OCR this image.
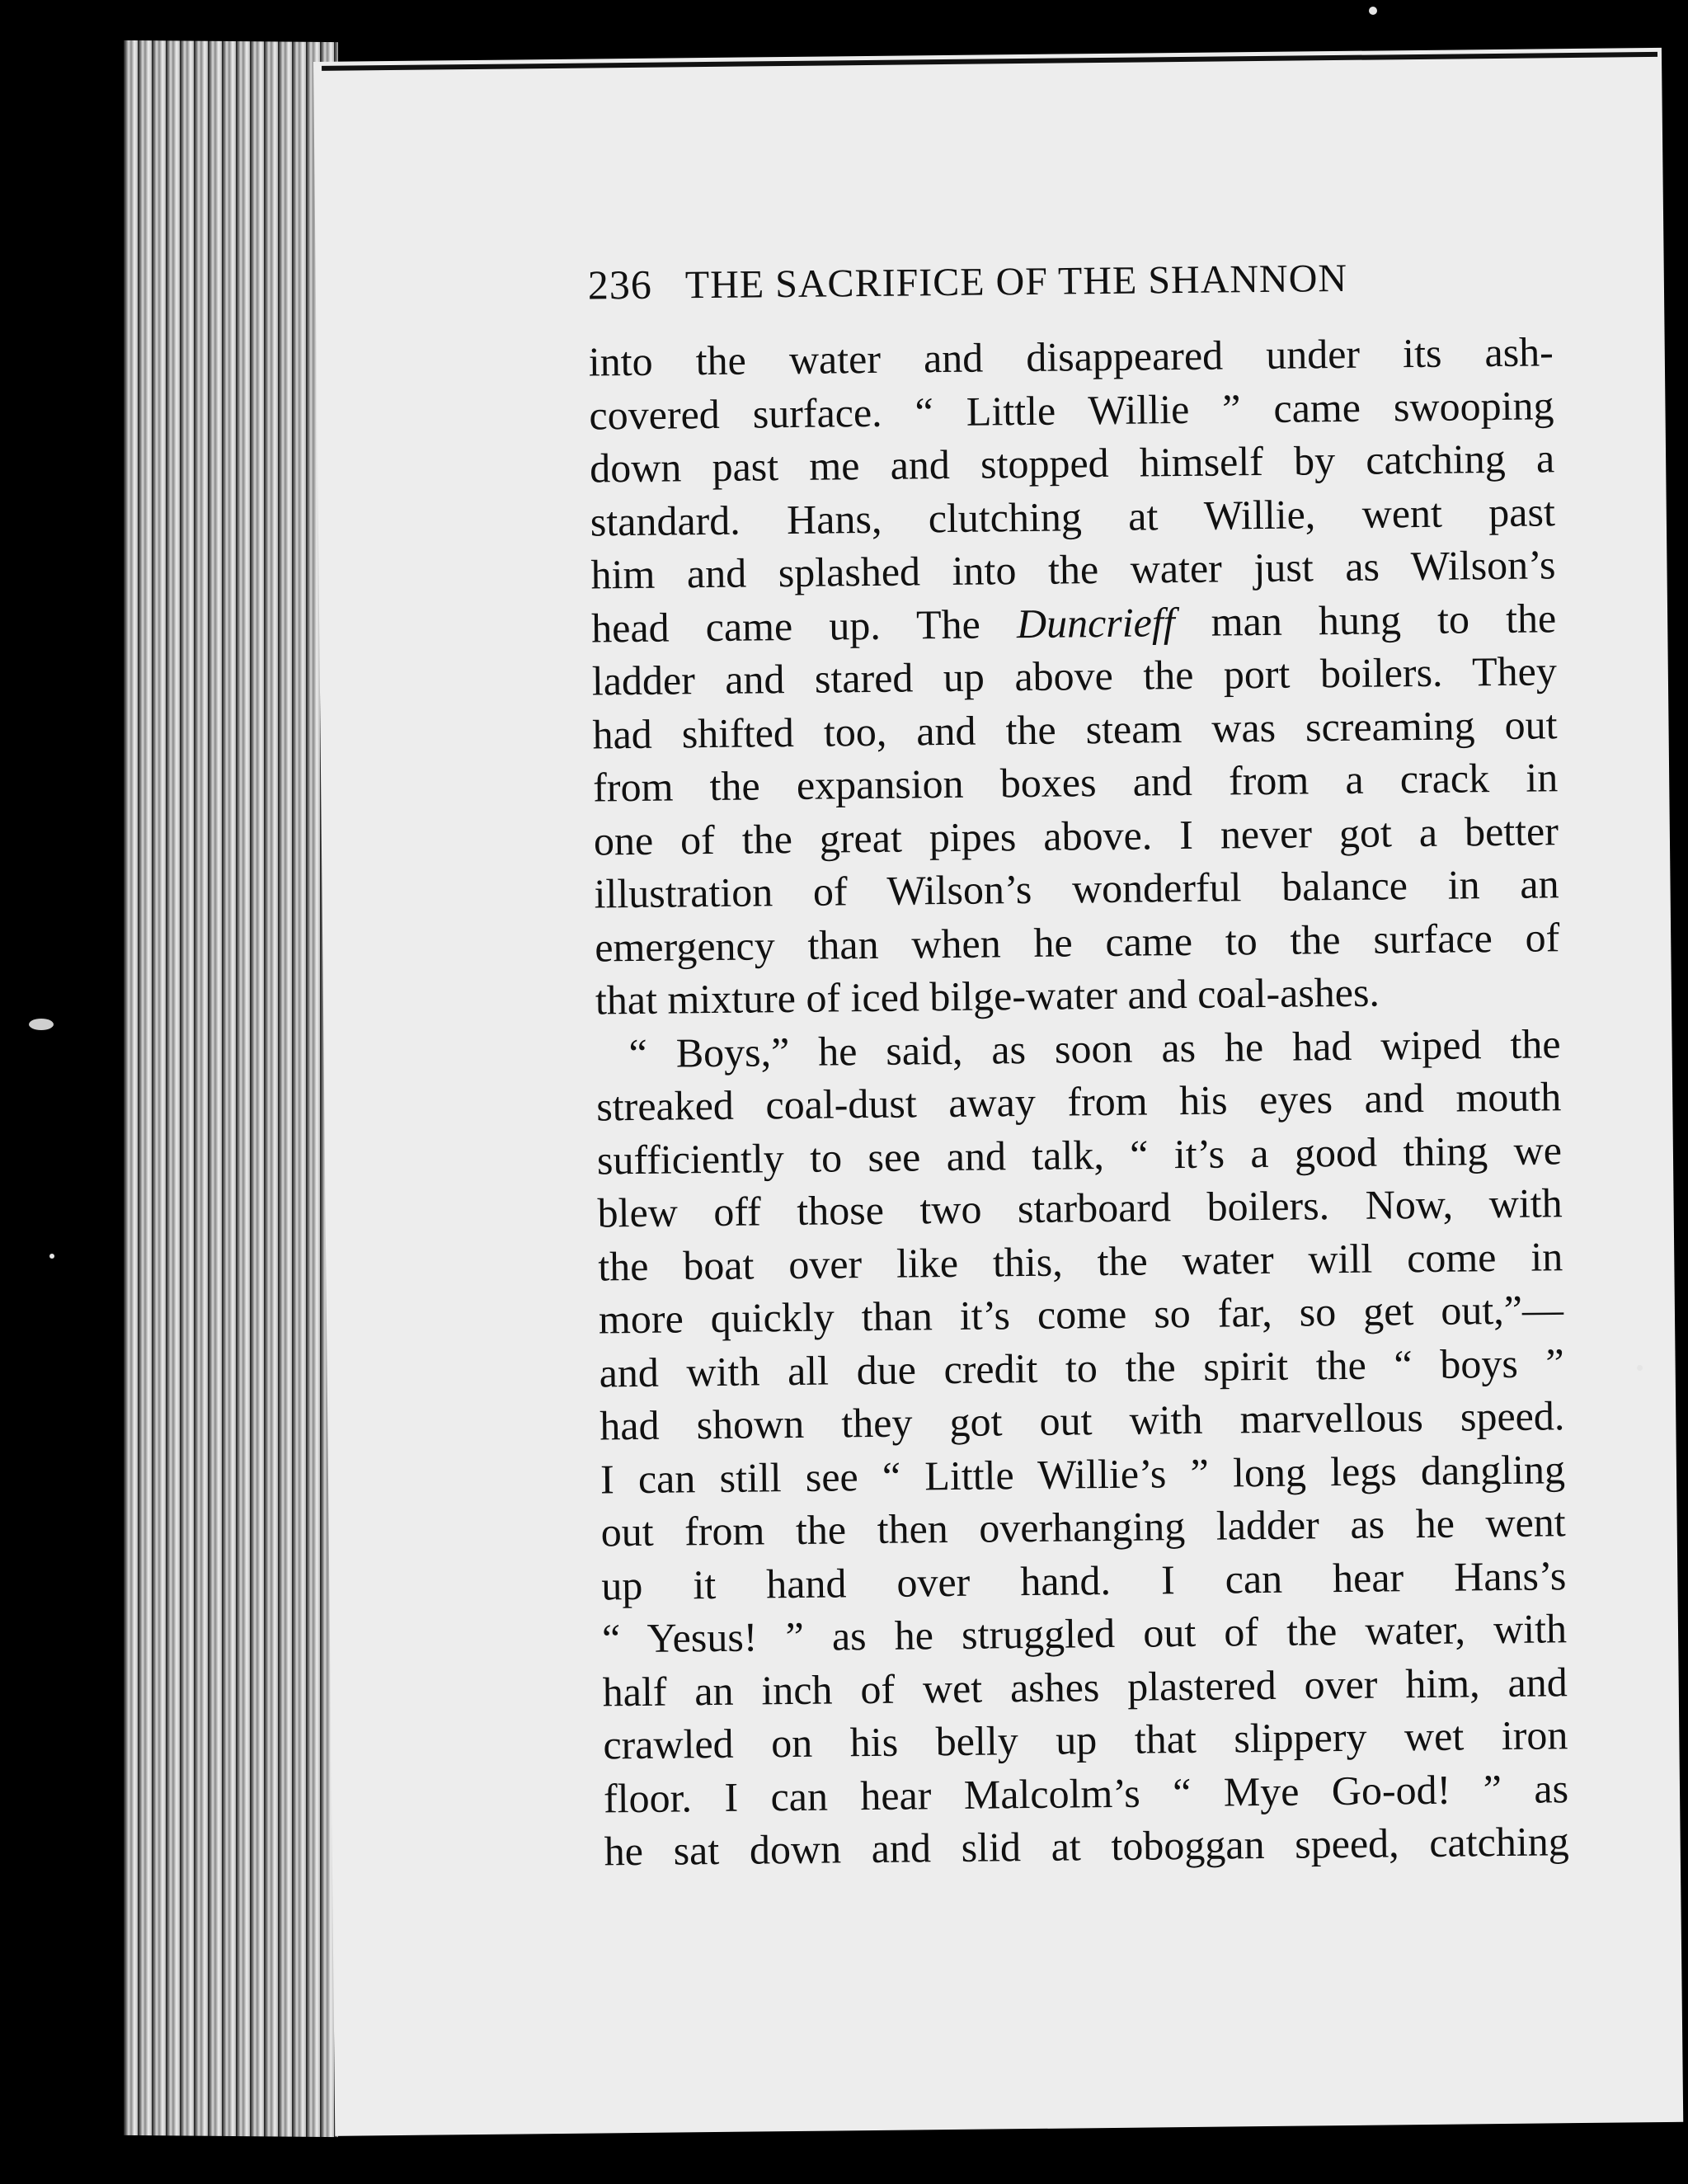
236 THE SACRIFICE OF THE SHANNON
into the water and disappeared under its ash-
covered surface. “ Little Willie ” came swooping
down past me and stopped himself by catching a
standard. Hans, clutching at Willie, went past
him and splashed into the water just as Wilson’s
head came up. The Duncrieff man hung to the
ladder and stared up above the port boilers. They
had shifted too, and the steam was screaming out
from the expansion boxes and from a crack in
one of the great pipes above. I never got a better
illustration of Wilson’s wonderful balance in an
emergency than when he came to the surface of
that mixture of iced bilge-water and coal-ashes.
“ Boys,” he said, as soon as he had wiped the
streaked coal-dust away from his eyes and mouth
sufficiently to see and talk, “ it’s a good thing we
blew off those two starboard boilers. Now, with
the boat over like this, the water will come in
more quickly than it’s come so far, so get out,”—
and with all due credit to the spirit the “ boys ”
had shown they got out with marvellous speed.
I can still see “ Little Willie’s ” long legs dangling
out from the then overhanging ladder as he went
up it hand over hand. I can hear Hans’s
“ Yesus! ” as he struggled out of the water, with
half an inch of wet ashes plastered over him, and
crawled on his belly up that slippery wet iron
floor. I can hear Malcolm’s “ Mye Go-od! ” as
he sat down and slid at toboggan speed, catching
